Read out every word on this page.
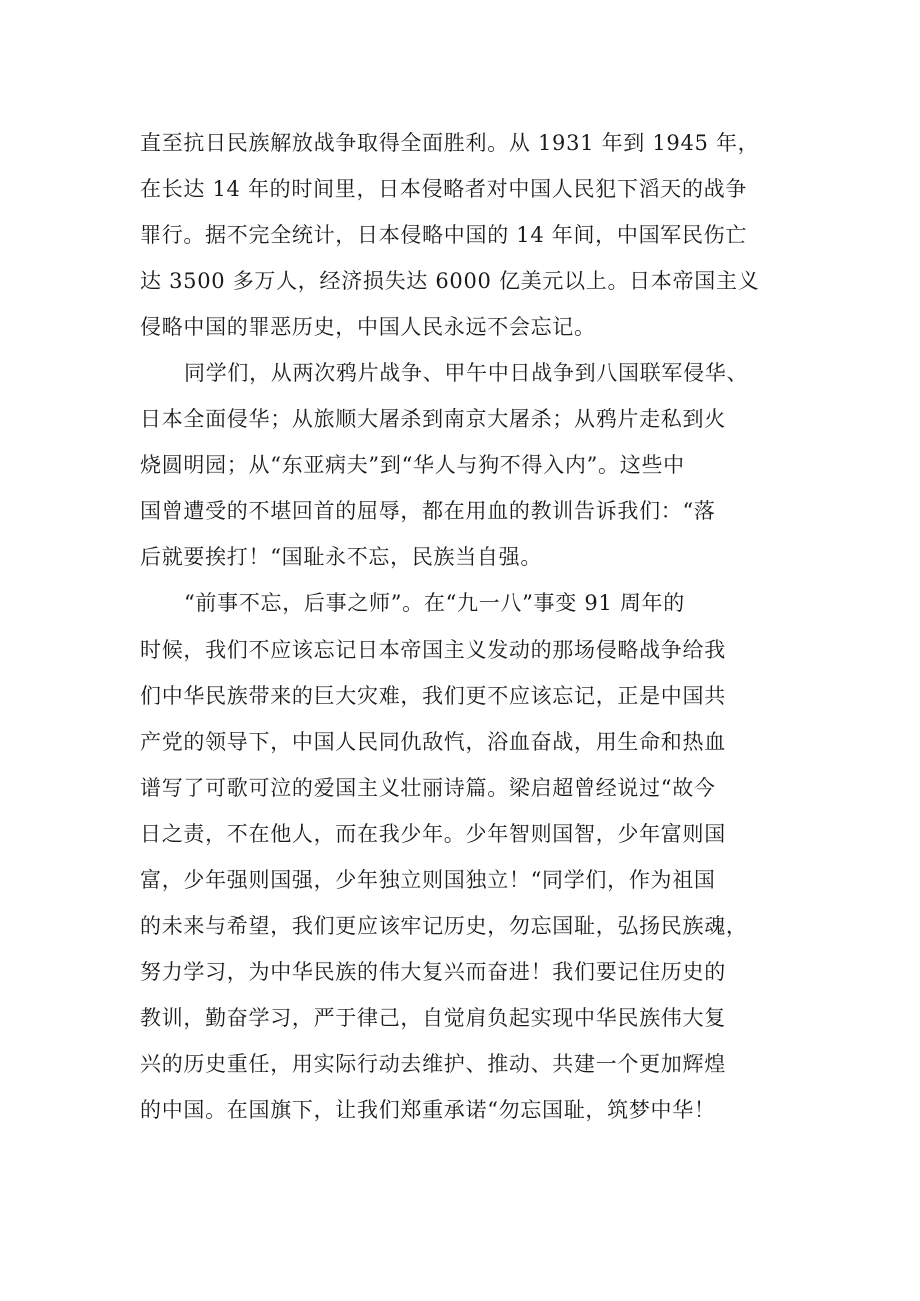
直至抗日民族解放战争取得全面胜利。从 1931 年到 1945 年，
在长达 14 年的时间里，日本侵略者对中国人民犯下滔天的战争
罪行。据不完全统计，日本侵略中国的 14 年间，中国军民伤亡
达 3500 多万人，经济损失达 6000 亿美元以上。日本帝国主义
侵略中国的罪恶历史，中国人民永远不会忘记。
同学们，从两次鸦片战争、甲午中日战争到八国联军侵华、
日本全面侵华；从旅顺大屠杀到南京大屠杀；从鸦片走私到火
烧圆明园；从“东亚病夫”到“华人与狗不得入内”。这些中
国曾遭受的不堪回首的屈辱，都在用血的教训告诉我们：“落
后就要挨打！“国耻永不忘，民族当自强。
“前事不忘，后事之师”。在“九一八”事变 91 周年的
时候，我们不应该忘记日本帝国主义发动的那场侵略战争给我
们中华民族带来的巨大灾难，我们更不应该忘记，正是中国共
产党的领导下，中国人民同仇敌忾，浴血奋战，用生命和热血
谱写了可歌可泣的爱国主义壮丽诗篇。梁启超曾经说过“故今
日之责，不在他人，而在我少年。少年智则国智，少年富则国
富，少年强则国强，少年独立则国独立！“同学们，作为祖国
的未来与希望，我们更应该牢记历史，勿忘国耻，弘扬民族魂，
努力学习，为中华民族的伟大复兴而奋进！我们要记住历史的
教训，勤奋学习，严于律己，自觉肩负起实现中华民族伟大复
兴的历史重任，用实际行动去维护、推动、共建一个更加辉煌
的中国。在国旗下，让我们郑重承诺“勿忘国耻，筑梦中华！
